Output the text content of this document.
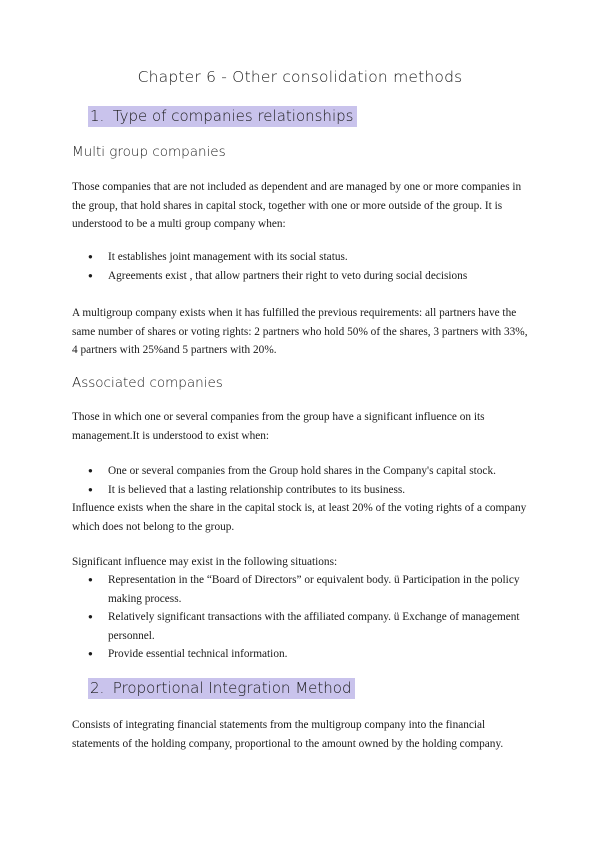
Chapter 6 - Other consolidation methods
1. Type of companies relationships
Multi group companies

Those companies that are not included as dependent and are managed by one or more companies in the group, that hold shares in capital stock, together with one or more outside of the group. It is understood to be a multi group company when:

● It establishes joint management with its social status.
● Agreements exist , that allow partners their right to veto during social decisions

A multigroup company exists when it has fulfilled the previous requirements: all partners have the same number of shares or voting rights: 2 partners who hold 50% of the shares, 3 partners with 33%, 4 partners with 25%and 5 partners with 20%.

Associated companies

Those in which one or several companies from the group have a significant influence on its management.It is understood to exist when:

● One or several companies from the Group hold shares in the Company's capital stock.
● It is believed that a lasting relationship contributes to its business.

Influence exists when the share in the capital stock is, at least 20% of the voting rights of a company which does not belong to the group.

Significant influence may exist in the following situations:

● Representation in the “Board of Directors” or equivalent body. ü Participation in the policy making process.
● Relatively significant transactions with the affiliated company. ü Exchange of management personnel.
● Provide essential technical information.
2. Proportional Integration Method

Consists of integrating financial statements from the multigroup company into the financial statements of the holding company, proportional to the amount owned by the holding company.
